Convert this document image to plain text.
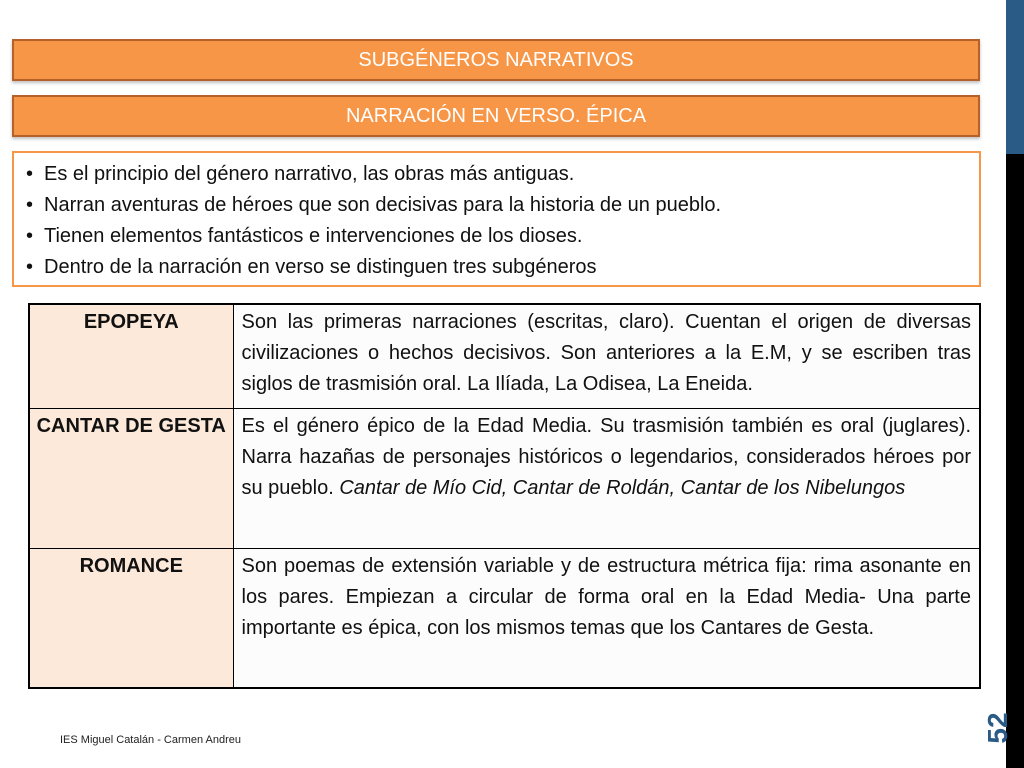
SUBGÉNEROS NARRATIVOS
NARRACIÓN EN VERSO. ÉPICA
• Es el principio del género narrativo, las obras más antiguas.
• Narran aventuras de héroes que son decisivas para la historia de un pueblo.
• Tienen elementos fantásticos e intervenciones de los dioses.
• Dentro de la narración en verso se distinguen tres subgéneros
EPOPEYA	Son las primeras narraciones (escritas, claro). Cuentan el origen de diversas civilizaciones o hechos decisivos. Son anteriores a la E.M, y se escriben tras siglos de trasmisión oral. La Ilíada, La Odisea, La Eneida.
CANTAR DE GESTA	Es el género épico de la Edad Media. Su trasmisión también es oral (juglares). Narra hazañas de personajes históricos o legendarios, considerados héroes por su pueblo. Cantar de Mío Cid, Cantar de Roldán, Cantar de los Nibelungos
ROMANCE	Son poemas de extensión variable y de estructura métrica fija: rima asonante en los pares. Empiezan a circular de forma oral en la Edad Media- Una parte importante es épica, con los mismos temas que los Cantares de Gesta.
IES Miguel Catalán - Carmen Andreu	52
